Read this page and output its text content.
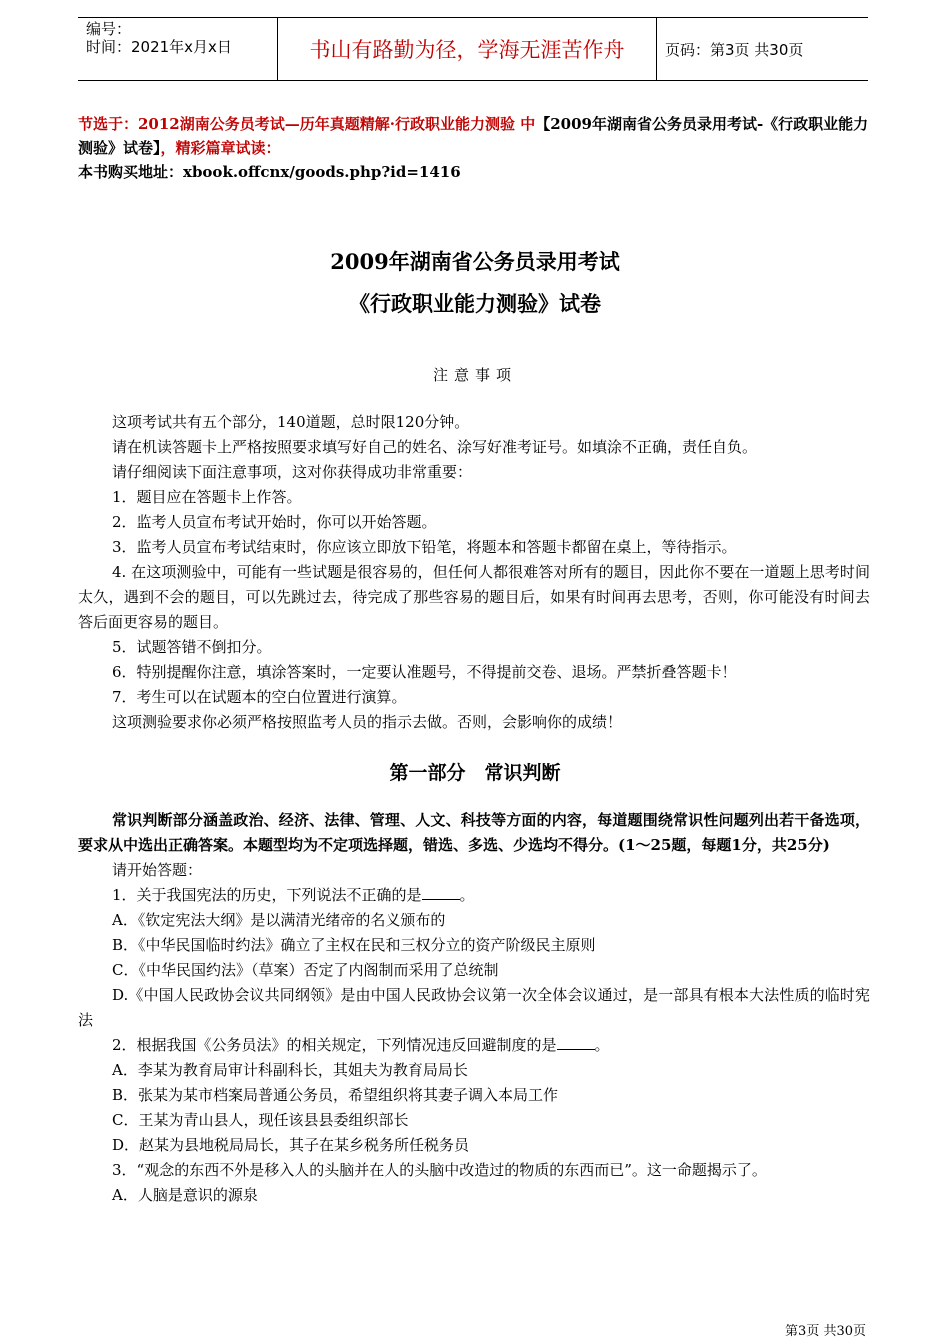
编号：
时间：2021年x月x日	书山有路勤为径，学海无涯苦作舟	页码：第3页 共30页
节选于：2012湖南公务员考试—历年真题精解·行政职业能力测验 中【2009年湖南省公务员录用考试-《行政职业能力测验》试卷】，精彩篇章试读：
本书购买地址：xbook.offcnx/goods.php?id=1416
2009年湖南省公务员录用考试
《行政职业能力测验》试卷
注意事项

这项考试共有五个部分，140道题，总时限120分钟。

请在机读答题卡上严格按照要求填写好自己的姓名、涂写好准考证号。如填涂不正确，责任自负。

请仔细阅读下面注意事项，这对你获得成功非常重要：

1．题目应在答题卡上作答。

2．监考人员宣布考试开始时，你可以开始答题。

3．监考人员宣布考试结束时，你应该立即放下铅笔，将题本和答题卡都留在桌上，等待指示。

4. 在这项测验中，可能有一些试题是很容易的，但任何人都很难答对所有的题目，因此你不要在一道题上思考时间太久，遇到不会的题目，可以先跳过去，待完成了那些容易的题目后，如果有时间再去思考，否则，你可能没有时间去答后面更容易的题目。

5．试题答错不倒扣分。

6．特别提醒你注意，填涂答案时，一定要认准题号，不得提前交卷、退场。严禁折叠答题卡！

7．考生可以在试题本的空白位置进行演算。

这项测验要求你必须严格按照监考人员的指示去做。否则，会影响你的成绩！

第一部分　常识判断

常识判断部分涵盖政治、经济、法律、管理、人文、科技等方面的内容，每道题围绕常识性问题列出若干备选项，要求从中选出正确答案。本题型均为不定项选择题，错选、多选、少选均不得分。(1～25题，每题1分，共25分)

请开始答题：

1．关于我国宪法的历史，下列说法不正确的是	。

A．《钦定宪法大纲》是以满清光绪帝的名义颁布的

B．《中华民国临时约法》确立了主权在民和三权分立的资产阶级民主原则

C．《中华民国约法》（草案）否定了内阁制而采用了总统制

D.《中国人民政协会议共同纲领》是由中国人民政协会议第一次全体会议通过，是一部具有根本大法性质的临时宪法

2．根据我国《公务员法》的相关规定，下列情况违反回避制度的是	。

A．李某为教育局审计科副科长，其姐夫为教育局局长

B．张某为某市档案局普通公务员，希望组织将其妻子调入本局工作

C．王某为青山县人，现任该县县委组织部长

D．赵某为县地税局局长，其子在某乡税务所任税务员

3．“观念的东西不外是移入人的头脑并在人的头脑中改造过的物质的东西而已”。这一命题揭示了。

A．人脑是意识的源泉

第3页 共30页
